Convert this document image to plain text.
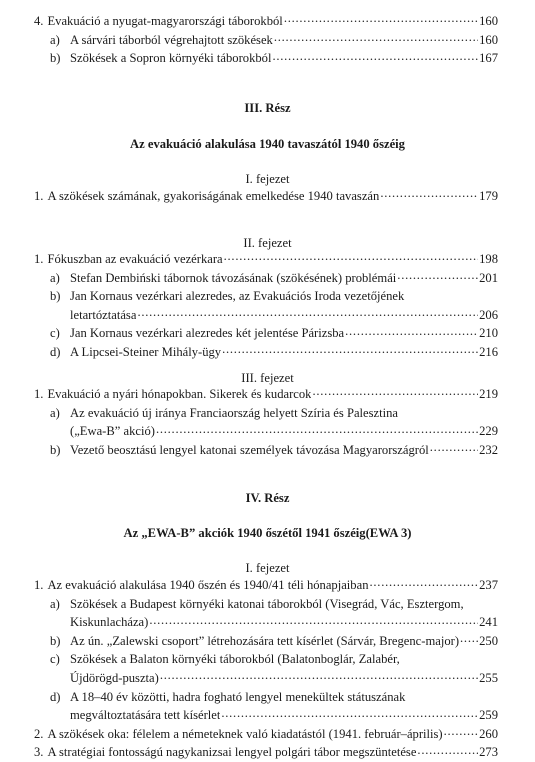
4. Evakuáció a nyugat-magyarországi táborokból . . .	160
a) A sárvári táborból végrehajtott szökések . . .	160
b) Szökések a Sopron környéki táborokból . . .	167
III. Rész
Az evakuáció alakulása 1940 tavaszától 1940 őszéig
I. fejezet
1. A szökések számának, gyakoriságának emelkedése 1940 tavaszán . . .	179
II. fejezet
1. Fókuszban az evakuáció vezérkara . . .	198
a) Stefan Dembiński tábornok távozásának (szökésének) problémái . . .	201
b) Jan Kornaus vezérkari alezredes, az Evakuációs Iroda vezetőjének
letartóztatása . . .	206
c) Jan Kornaus vezérkari alezredes két jelentése Párizsba . . .	210
d) A Lipcsei-Steiner Mihály-ügy . . .	216
III. fejezet
1. Evakuáció a nyári hónapokban. Sikerek és kudarcok . . .	219
a) Az evakuáció új iránya Franciaország helyett Szíria és Palesztina
(„Ewa-B” akció) . . .	229
b) Vezető beosztású lengyel katonai személyek távozása Magyarországról . . .	232
IV. Rész
Az „EWA-B” akciók 1940 őszétől 1941 őszéig(EWA 3)
I. fejezet
1. Az evakuáció alakulása 1940 őszén és 1940/41 téli hónapjaiban . . .	237
a) Szökések a Budapest környéki katonai táborokból (Visegrád, Vác, Esztergom,
Kiskunlacháza) . . .	241
b) Az ún. „Zalewski csoport” létrehozására tett kísérlet (Sárvár, Bregenc-major) . . . 250
c) Szökések a Balaton környéki táborokból (Balatonboglár, Zalabér,
Újdörögd-puszta) . . .	255
d) A 18–40 év közötti, hadra fogható lengyel menekültek státuszának
megváltoztatására tett kísérlet . . .	259
2. A szökések oka: félelem a németeknek való kiadatástól (1941. február–április) . . .	260
3. A stratégiai fontosságú nagykanizsai lengyel polgári tábor megszüntetése . . .	273
